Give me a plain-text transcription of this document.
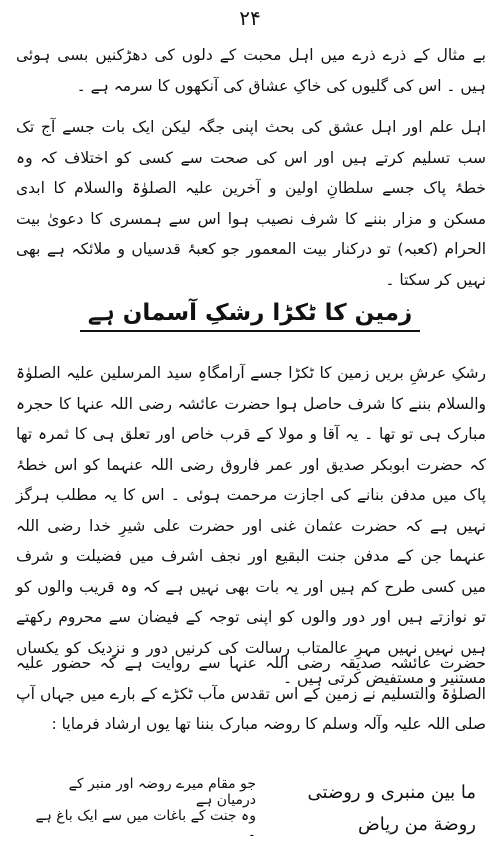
۲۴

بے مثال کے ذرے ذرے میں اہل محبت کے دلوں کی دھڑکنیں بسی ہوئی ہیں ۔ اس کی گلیوں کی خاکِ عشاق کی آنکھوں کا سرمہ ہے ۔

اہل علم اور اہل عشق کی بحث اپنی جگہ لیکن ایک بات جسے آج تک سب تسلیم کرتے ہیں اور اس کی صحت سے کسی کو اختلاف کہ وہ خطۂ پاک جسے سلطانِ اولین و آخرین علیہ الصلوٰۃ والسلام کا ابدی مسکن و مزار بننے کا شرف نصیب ہوا اس سے ہمسری کا دعویٰ بیت الحرام (کعبہ) تو درکنار بیت المعمور جو کعبۂ قدسیاں و ملائکہ ہے بھی نہیں کر سکتا ۔

زمین کا ٹکڑا رشکِ آسمان ہے

رشکِ عرشِ بریں زمین کا ٹکڑا جسے آرامگاہِ سید المرسلین علیہ الصلوٰۃ والسلام بننے کا شرف حاصل ہوا حضرت عائشہ رضی اللہ عنہا کا حجرہ مبارک ہی تو تھا ۔ یہ آقا و مولا کے قرب خاص اور تعلق ہی کا ثمرہ تھا کہ حضرت ابوبکر صدیق اور عمر فاروق رضی اللہ عنہما کو اس خطۂ پاک میں مدفن بنانے کی اجازت مرحمت ہوئی ۔ اس کا یہ مطلب ہرگز نہیں ہے کہ حضرت عثمان غنی اور حضرت علی شیرِ خدا رضی اللہ عنہما جن کے مدفن جنت البقیع اور نجف اشرف میں فضیلت و شرف میں کسی طرح کم ہیں اور یہ بات بھی نہیں ہے کہ وہ قریب والوں کو تو نوازتے ہیں اور دور والوں کو اپنی توجہ کے فیضان سے محروم رکھتے ہیں نہیں نہیں مہرِ عالمتاب رسالت کی کرنیں دور و نزدیک کو یکساں مستنیر و مستفیض کرتی ہیں ۔

حضرت عائشہ صدیقہ رضی اللہ عنہا سے روایت ہے کہ حضور علیہ الصلوٰۃ والتسلیم نے زمین کے اس تقدس مآب ٹکڑے کے بارے میں جہاں آپ صلی اللہ علیہ وآلہ وسلم کا روضہ مبارک بننا تھا یوں ارشاد فرمایا :

ما بین منبری و روضتی
جو مقام میرے روضہ اور منبر کے درمیان ہے
روضة من ریاض
وہ جنت کے باغات میں سے ایک باغ ہے ۔
